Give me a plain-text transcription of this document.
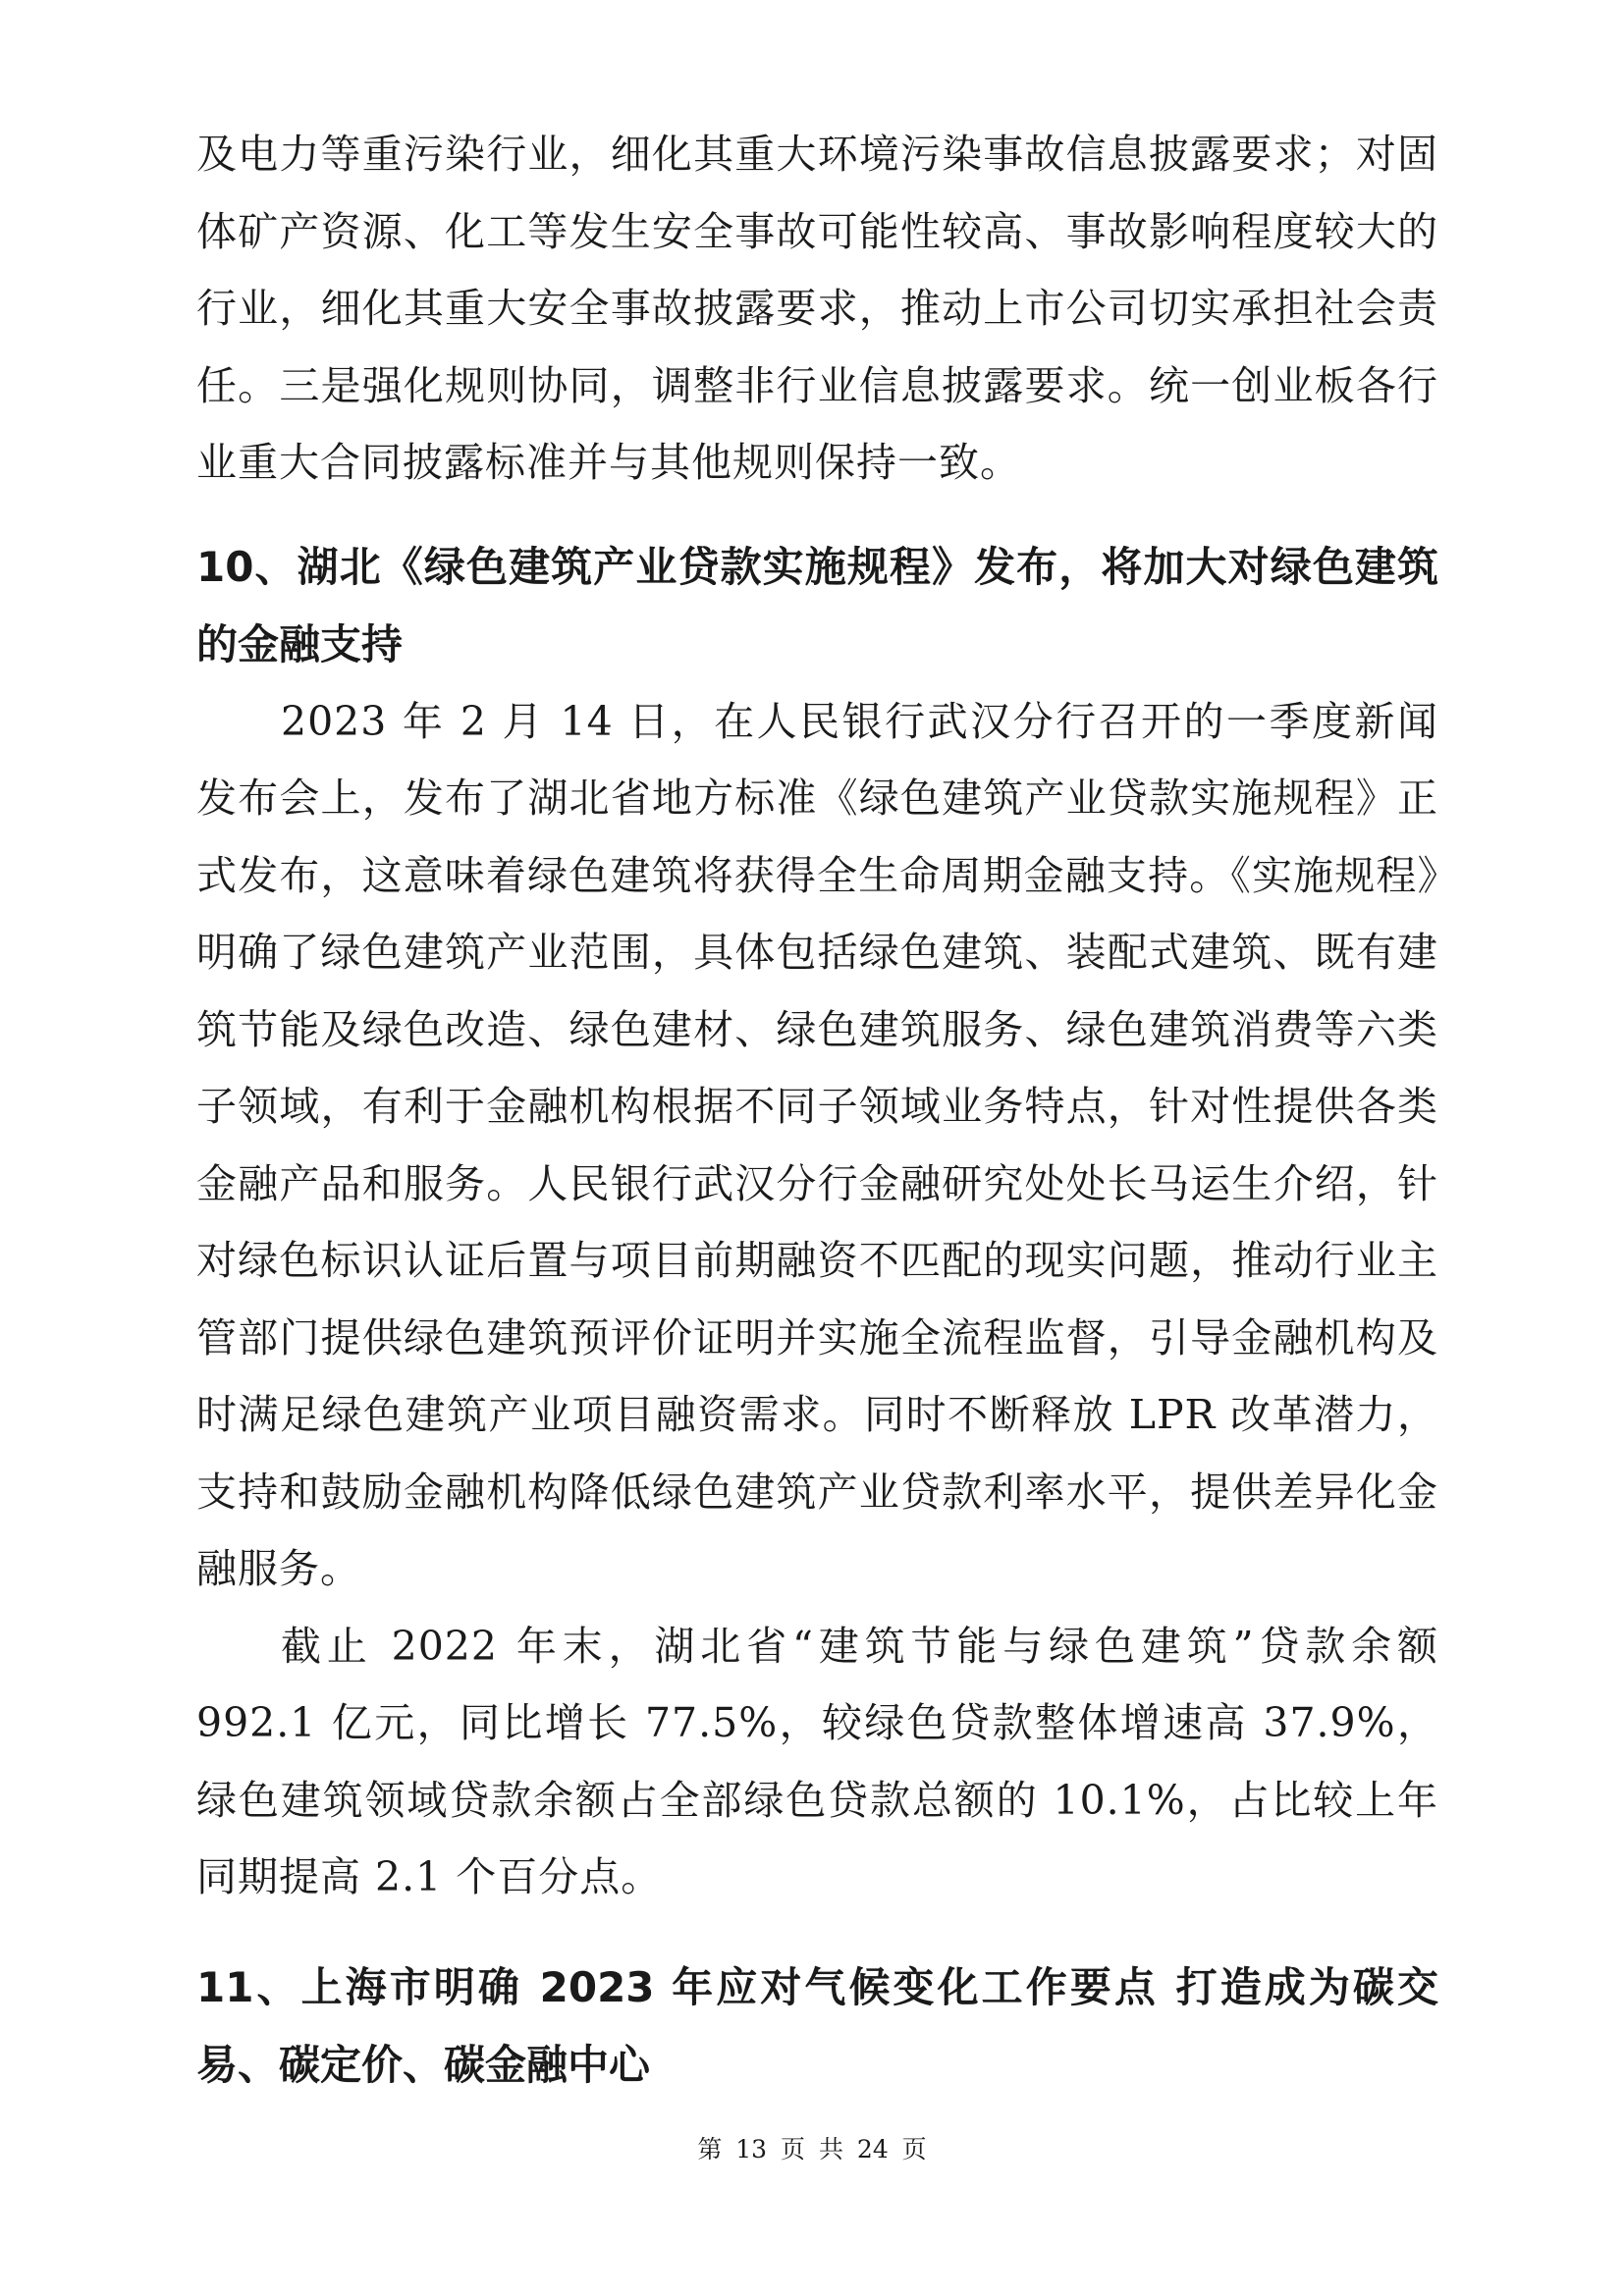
及电力等重污染行业，细化其重大环境污染事故信息披露要求；对固体矿产资源、化工等发生安全事故可能性较高、事故影响程度较大的行业，细化其重大安全事故披露要求，推动上市公司切实承担社会责任。三是强化规则协同，调整非行业信息披露要求。统一创业板各行业重大合同披露标准并与其他规则保持一致。

10、湖北《绿色建筑产业贷款实施规程》发布，将加大对绿色建筑的金融支持

2023 年 2 月 14 日，在人民银行武汉分行召开的一季度新闻发布会上，发布了湖北省地方标准《绿色建筑产业贷款实施规程》正式发布，这意味着绿色建筑将获得全生命周期金融支持。《实施规程》明确了绿色建筑产业范围，具体包括绿色建筑、装配式建筑、既有建筑节能及绿色改造、绿色建材、绿色建筑服务、绿色建筑消费等六类子领域，有利于金融机构根据不同子领域业务特点，针对性提供各类金融产品和服务。人民银行武汉分行金融研究处处长马运生介绍，针对绿色标识认证后置与项目前期融资不匹配的现实问题，推动行业主管部门提供绿色建筑预评价证明并实施全流程监督，引导金融机构及时满足绿色建筑产业项目融资需求。同时不断释放 LPR 改革潜力，支持和鼓励金融机构降低绿色建筑产业贷款利率水平，提供差异化金融服务。

截止 2022 年末，湖北省“建筑节能与绿色建筑”贷款余额 992.1 亿元，同比增长 77.5%，较绿色贷款整体增速高 37.9%，绿色建筑领域贷款余额占全部绿色贷款总额的 10.1%，占比较上年同期提高 2.1 个百分点。

11、上海市明确 2023 年应对气候变化工作要点 打造成为碳交易、碳定价、碳金融中心
第 13 页 共 24 页
